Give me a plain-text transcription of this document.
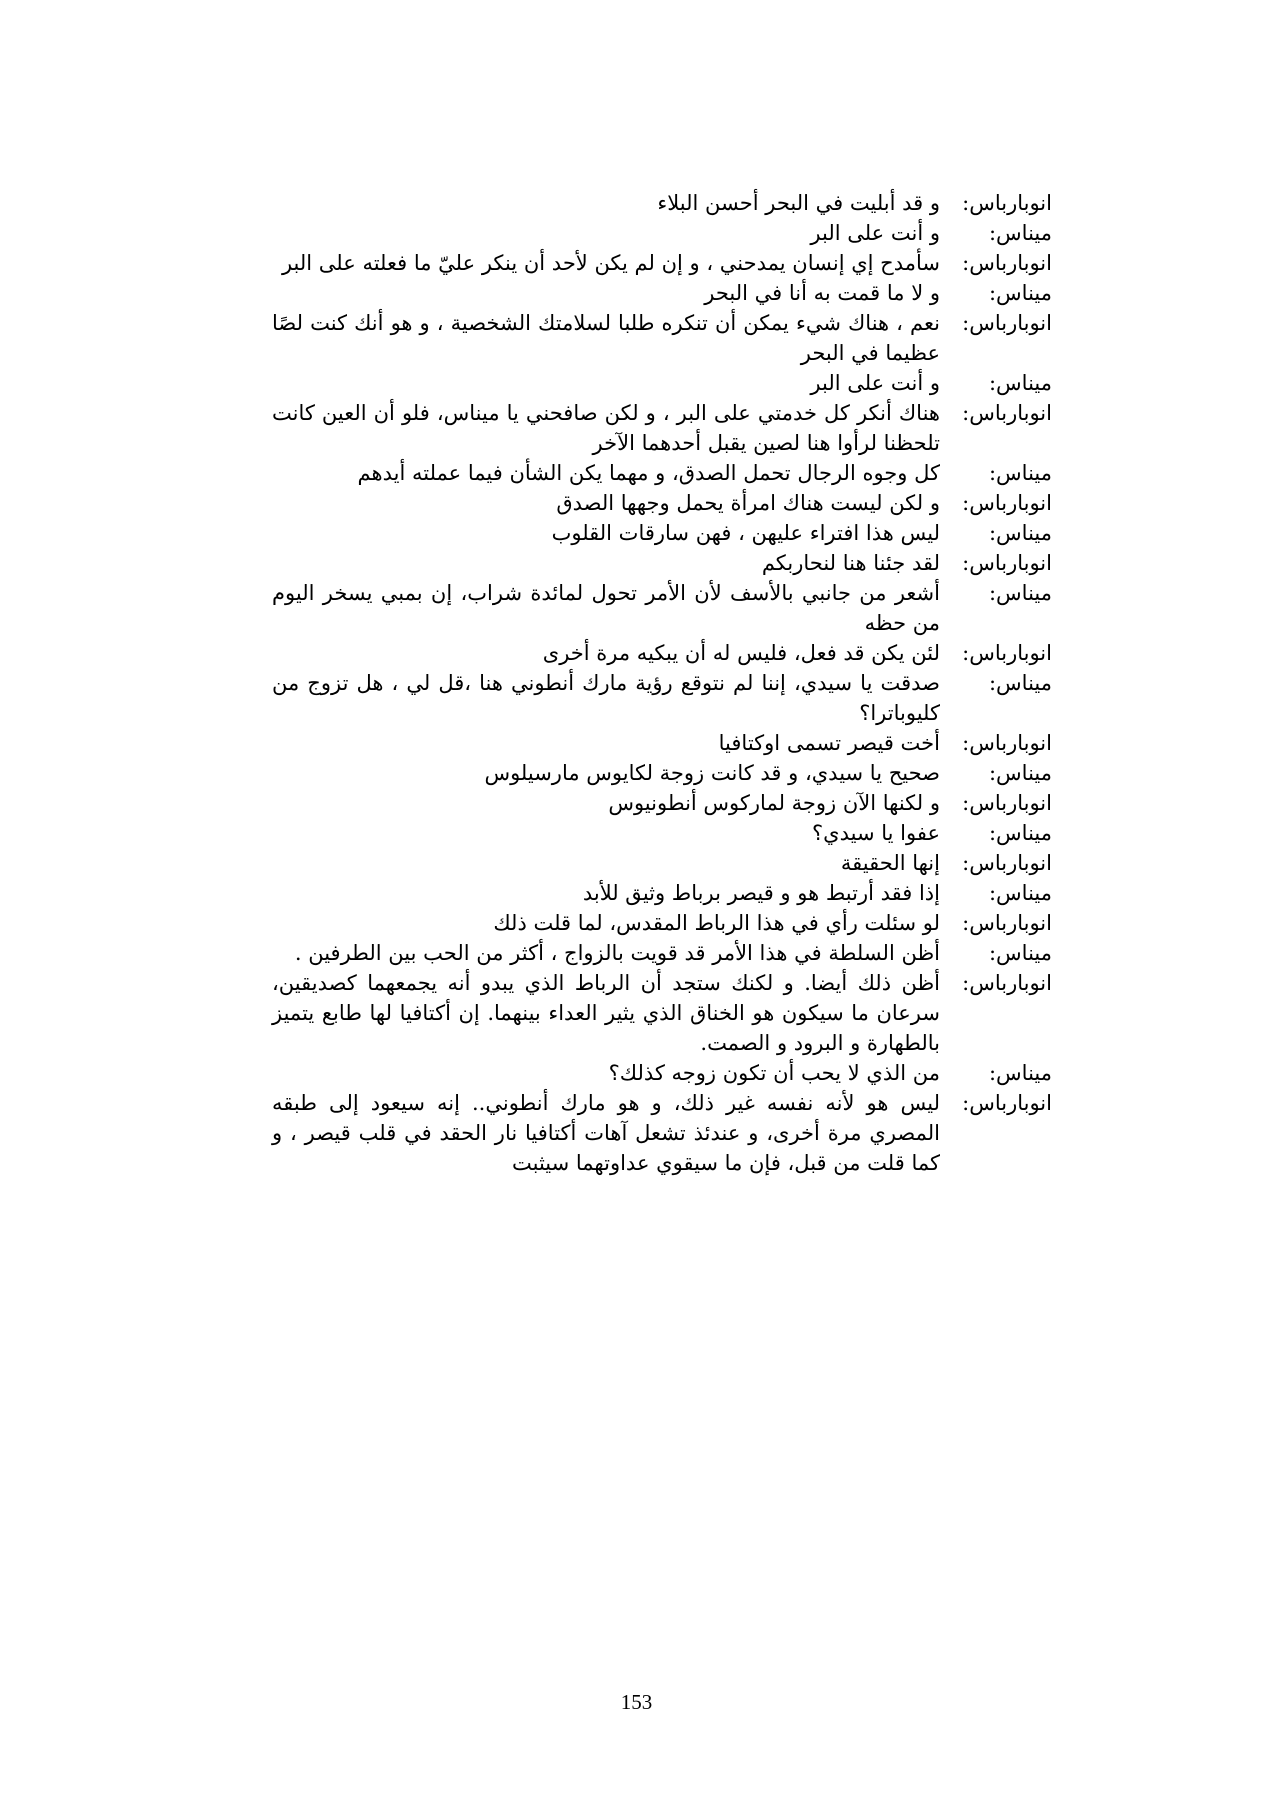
انوبارباس:
و قد أبليت في البحر أحسن البلاء
ميناس:
و أنت على البر
انوبارباس:
سأمدح إي إنسان يمدحني ، و إن لم يكن لأحد أن ينكر عليّ ما فعلته على البر
ميناس:
و لا ما قمت به أنا في البحر
انوبارباس:
نعم ، هناك شيء يمكن أن تنكره طلبا لسلامتك الشخصية ، و هو أنك كنت لصًا عظيما في البحر
ميناس:
و أنت على البر
انوبارباس:
هناك أنكر كل خدمتي على البر ، و لكن صافحني يا ميناس، فلو أن العين كانت تلحظنا لرأوا هنا لصين يقبل أحدهما الآخر
ميناس:
كل وجوه الرجال تحمل الصدق، و مهما يكن الشأن فيما عملته أيدهم
انوبارباس:
و لكن ليست هناك امرأة يحمل وجهها الصدق
ميناس:
ليس هذا افتراء عليهن ، فهن سارقات القلوب
انوبارباس:
لقد جئنا هنا لنحاربكم
ميناس:
أشعر من جانبي بالأسف لأن الأمر تحول لمائدة شراب، إن بمبي يسخر اليوم من حظه
انوبارباس:
لئن يكن قد فعل، فليس له أن يبكيه مرة أخرى
ميناس:
صدقت يا سيدي، إننا لم نتوقع رؤية مارك أنطوني هنا ،قل لي ، هل تزوج من كليوباترا؟
انوبارباس:
أخت قيصر تسمى اوكتافيا
ميناس:
صحيح يا سيدي، و قد كانت زوجة لكايوس مارسيلوس
انوبارباس:
و لكنها الآن زوجة لماركوس أنطونيوس
ميناس:
عفوا يا سيدي؟
انوبارباس:
إنها الحقيقة
ميناس:
إذا فقد أرتبط هو و قيصر برباط وثيق للأبد
انوبارباس:
لو سئلت رأي في هذا الرباط المقدس، لما قلت ذلك
ميناس:
أظن السلطة في هذا الأمر قد قويت بالزواج ، أكثر من الحب بين الطرفين .
انوبارباس:
أظن ذلك أيضا. و لكنك ستجد أن الرباط الذي يبدو أنه يجمعهما كصديقين، سرعان ما سيكون هو الخناق الذي يثير العداء بينهما. إن أكتافيا لها طابع يتميز بالطهارة و البرود و الصمت.
ميناس:
من الذي لا يحب أن تكون زوجه كذلك؟
انوبارباس:
ليس هو لأنه نفسه غير ذلك، و هو مارك أنطوني.. إنه سيعود إلى طبقه المصري مرة أخرى، و عندئذ تشعل آهات أكتافيا نار الحقد في قلب قيصر ، و كما قلت من قبل، فإن ما سيقوي عداوتهما سيثبت
153
